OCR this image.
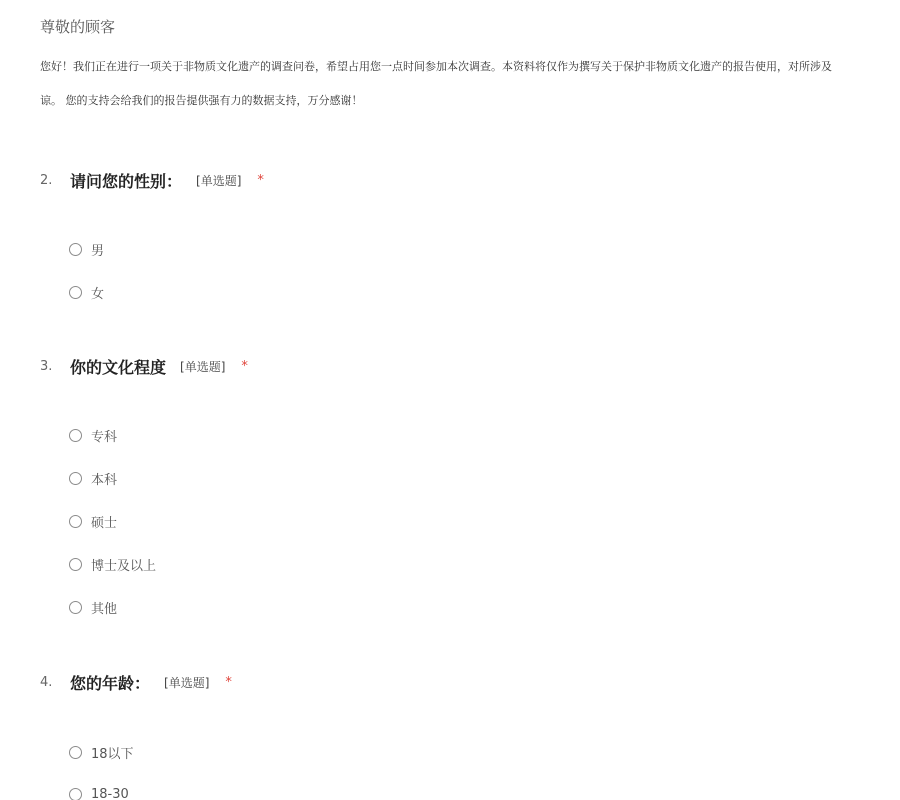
尊敬的顾客
您好！我们正在进行一项关于非物质文化遗产的调查问卷，希望占用您一点时间参加本次调查。本资料将仅作为撰写关于保护非物质文化遗产的报告使用，对所涉及
谅。 您的支持会给我们的报告提供强有力的数据支持，万分感谢！
2.	请问您的性别： [单选题] *
男
女
3.	你的文化程度 [单选题] *
专科
本科
硕士
博士及以上
其他
4.	您的年龄： [单选题] *
18以下
18-30
